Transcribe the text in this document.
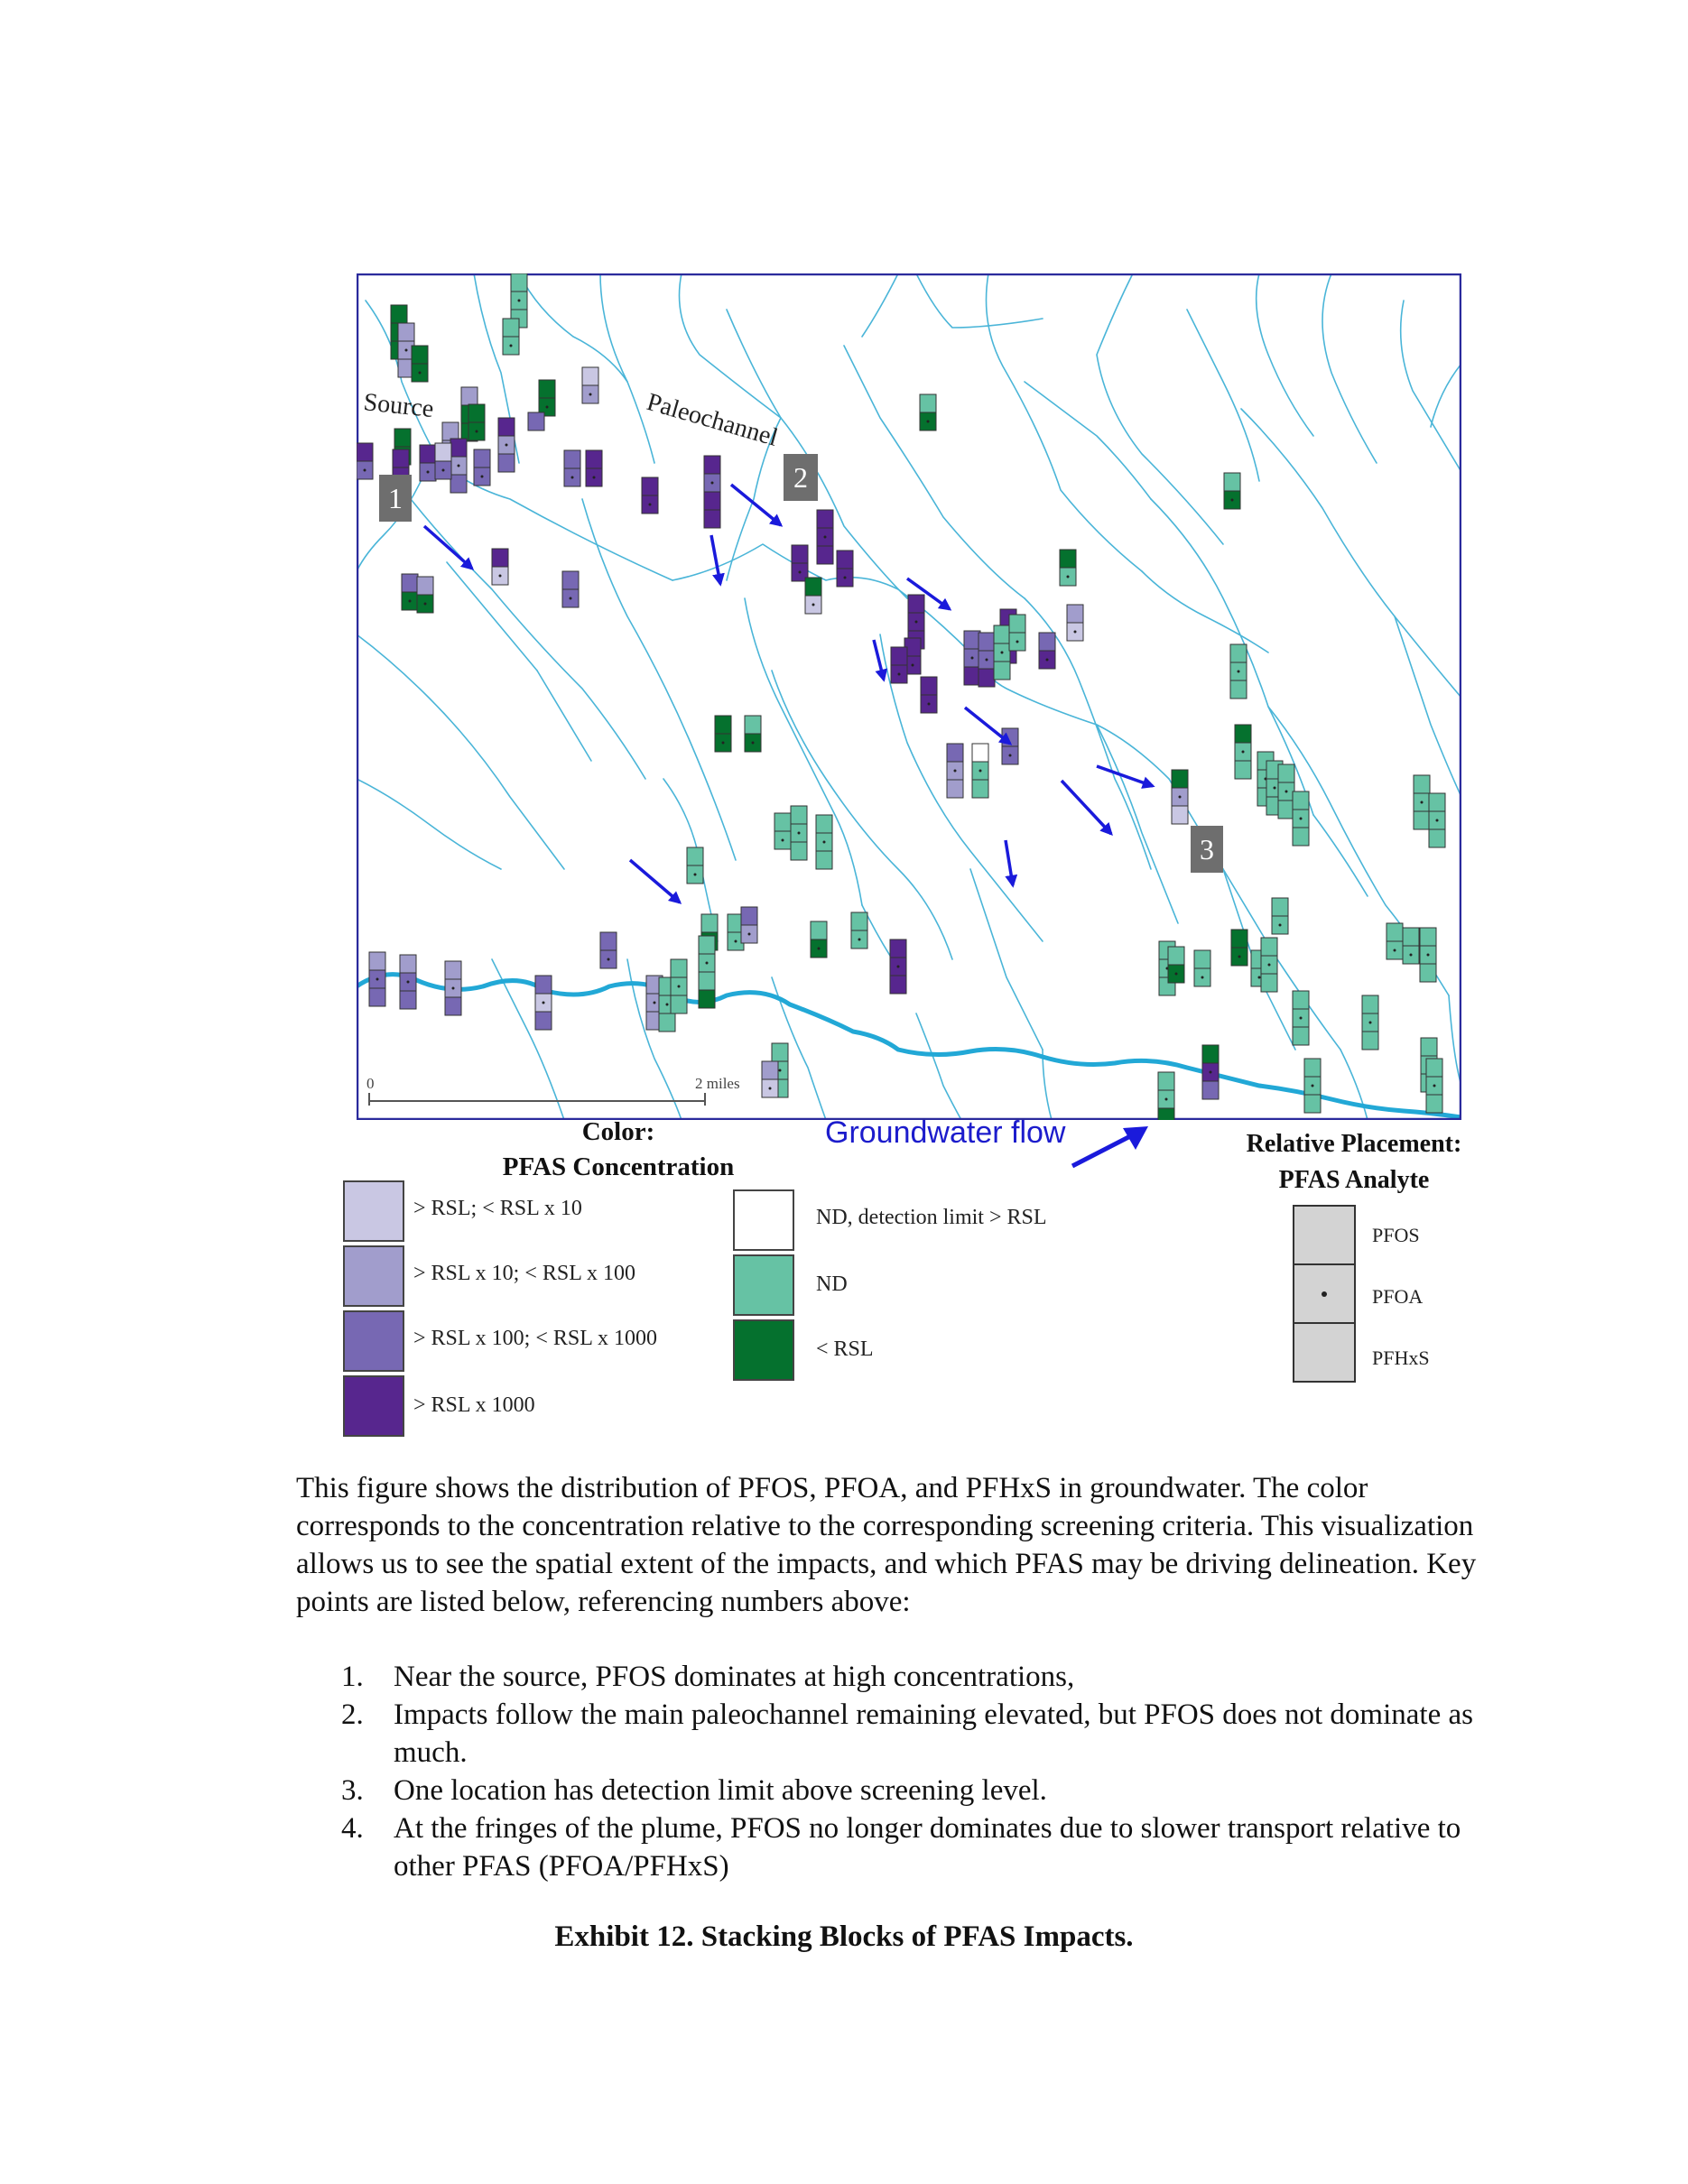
Source	Paleochannel
1
2
3
0	2 miles
Color:
PFAS Concentration
> RSL; < RSL x 10
> RSL x 10; < RSL x 100
> RSL x 100; < RSL x 1000
> RSL x 1000
ND, detection limit > RSL
ND
< RSL
Groundwater flow	Relative Placement:
PFAS Analyte
PFOS
PFOA
PFHxS

This figure shows the distribution of PFOS, PFOA, and PFHxS in groundwater. The color corresponds to the concentration relative to the corresponding screening criteria. This visualization allows us to see the spatial extent of the impacts, and which PFAS may be driving delineation. Key points are listed below, referencing numbers above:

1. Near the source, PFOS dominates at high concentrations,
2. Impacts follow the main paleochannel remaining elevated, but PFOS does not dominate as much.
3. One location has detection limit above screening level.
4. At the fringes of the plume, PFOS no longer dominates due to slower transport relative to other PFAS (PFOA/PFHxS)
Exhibit 12. Stacking Blocks of PFAS Impacts.
